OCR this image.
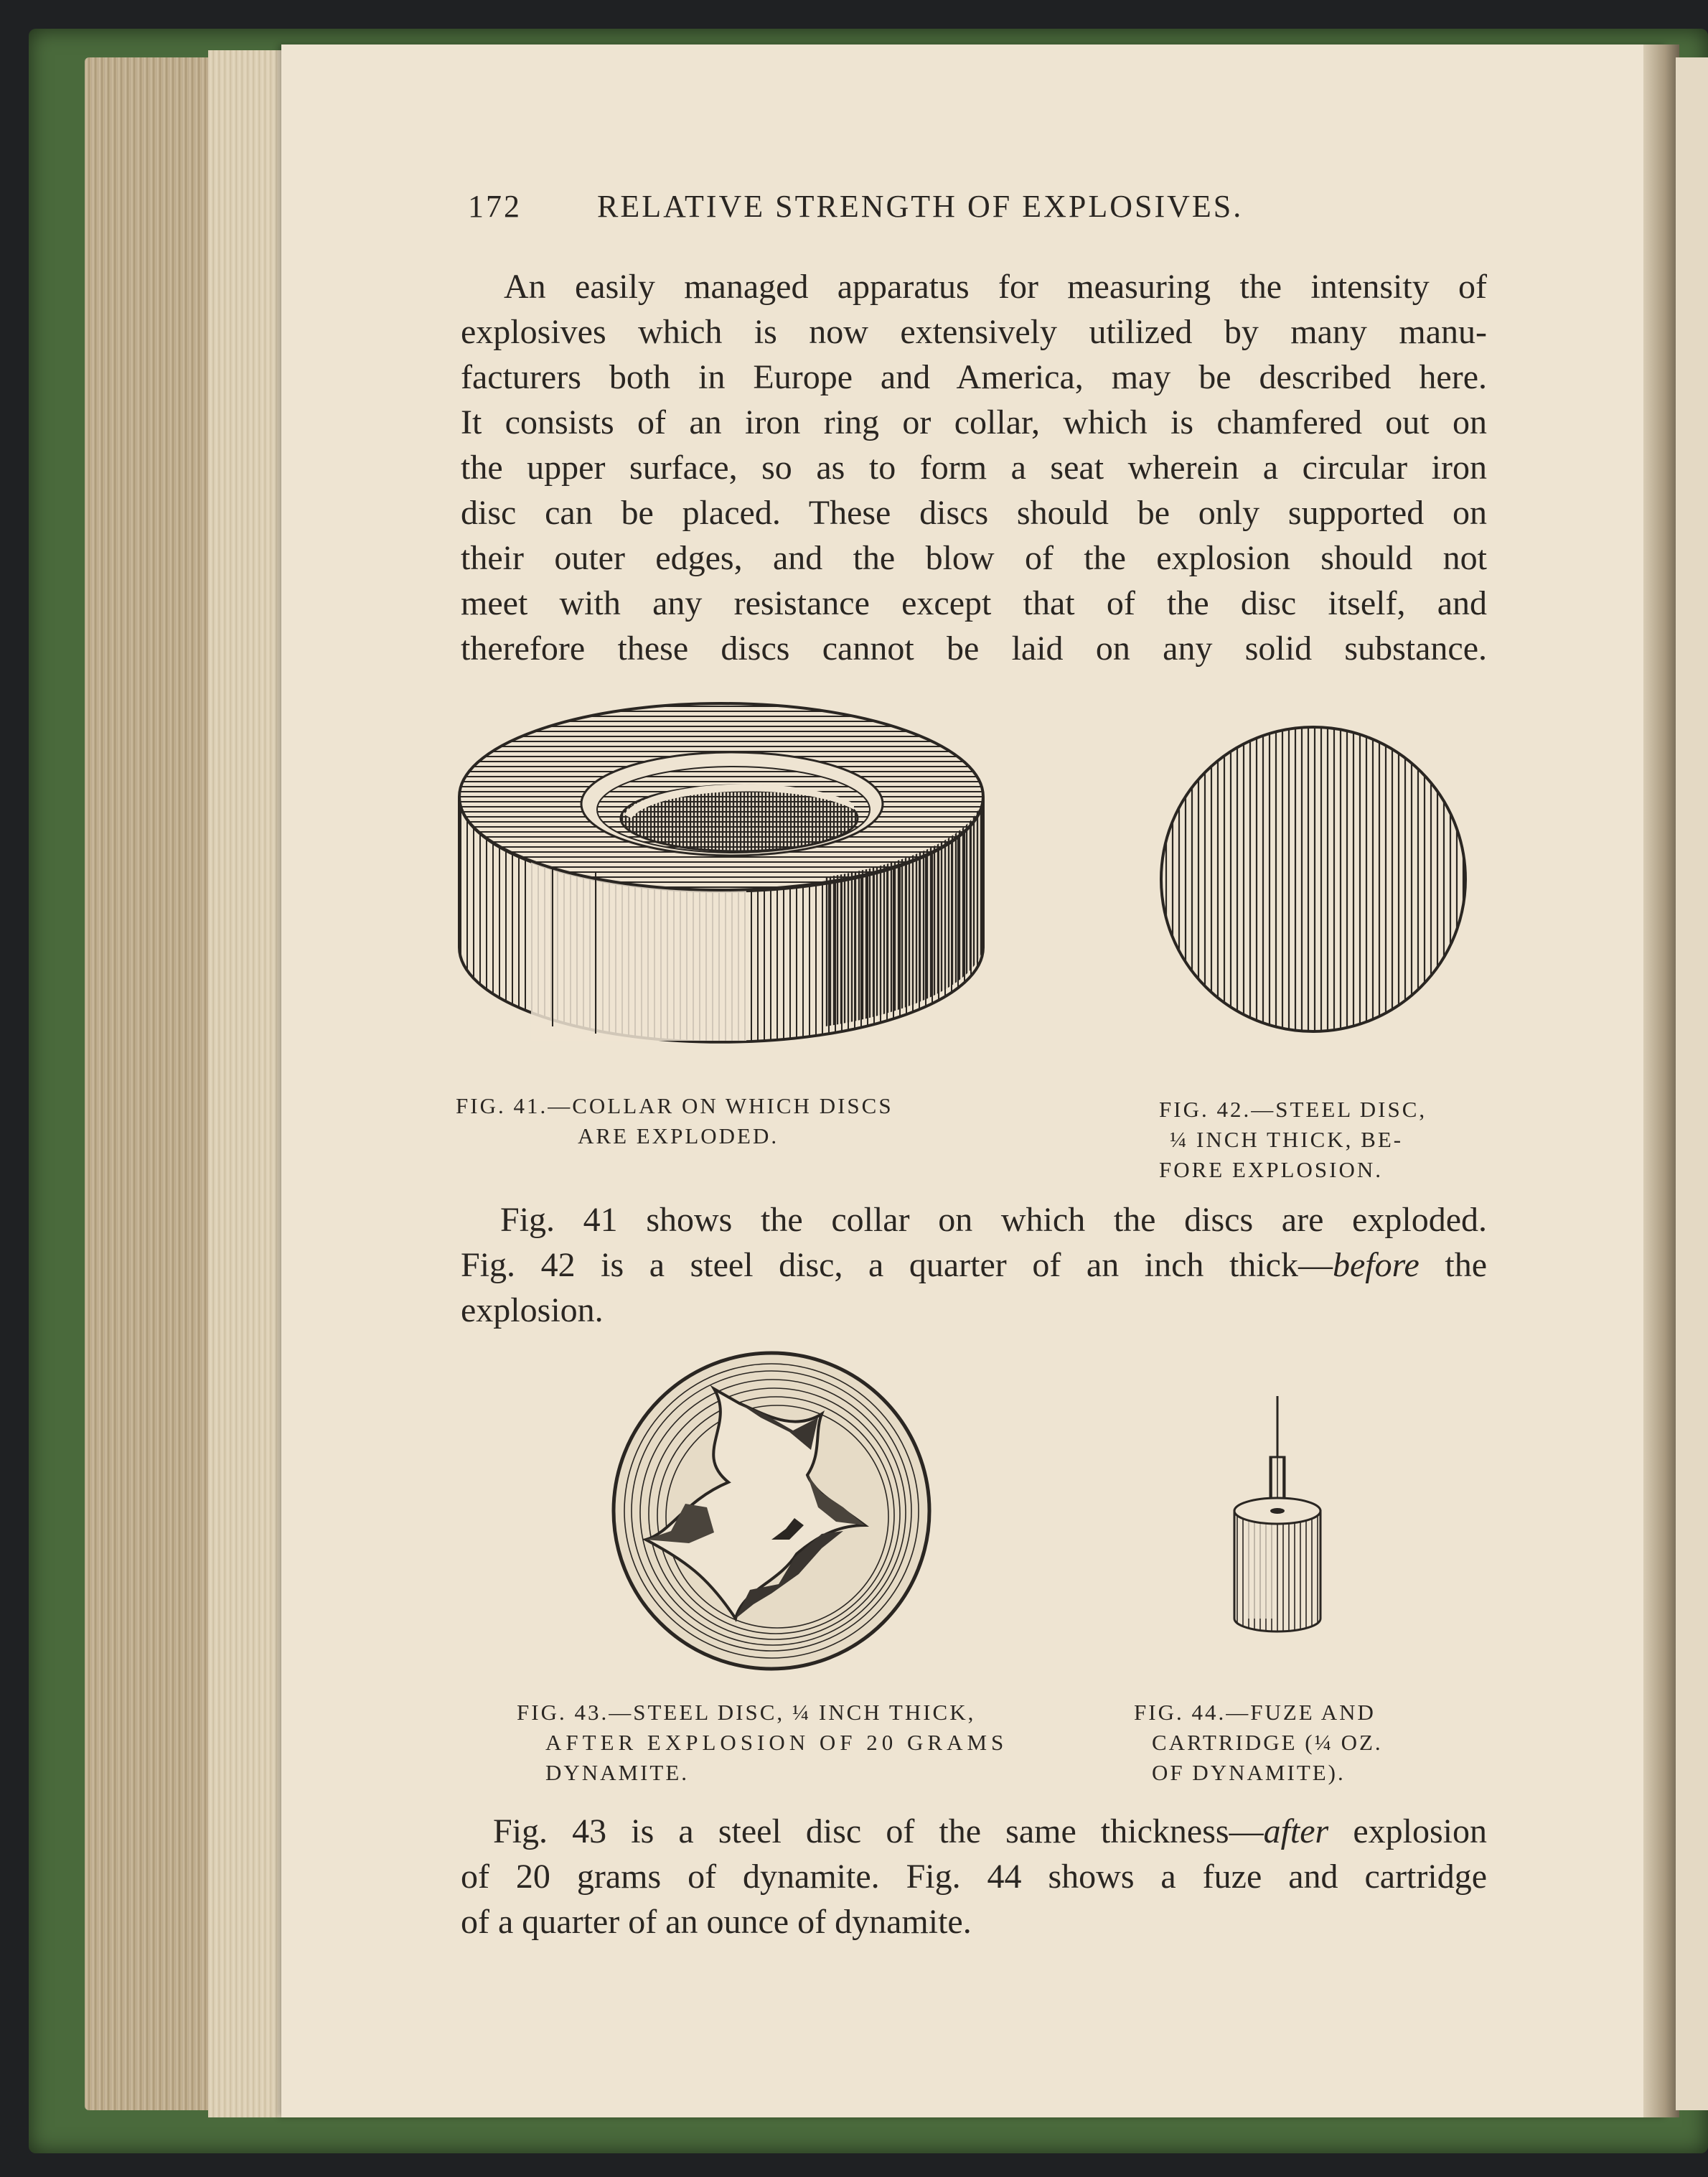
172 RELATIVE STRENGTH OF EXPLOSIVES.
An easily managed apparatus for measuring the intensity of
explosives which is now extensively utilized by many manu-
facturers both in Europe and America, may be described here.
It consists of an iron ring or collar, which is chamfered out on
the upper surface, so as to form a seat wherein a circular iron
disc can be placed. These discs should be only supported on
their outer edges, and the blow of the explosion should not
meet with any resistance except that of the disc itself, and
therefore these discs cannot be laid on any solid substance.
FIG. 41.—COLLAR ON WHICH DISCS
ARE EXPLODED.
FIG. 42.—STEEL DISC,
¼ INCH THICK, BE-
FORE EXPLOSION.
Fig. 41 shows the collar on which the discs are exploded.
Fig. 42 is a steel disc, a quarter of an inch thick—before the
explosion.
FIG. 43.—STEEL DISC, ¼ INCH THICK,
AFTER EXPLOSION OF 20 GRAMS
DYNAMITE.
FIG. 44.—FUZE AND
CARTRIDGE (¼ OZ.
OF DYNAMITE).
Fig. 43 is a steel disc of the same thickness—after explosion
of 20 grams of dynamite. Fig. 44 shows a fuze and cartridge
of a quarter of an ounce of dynamite.
